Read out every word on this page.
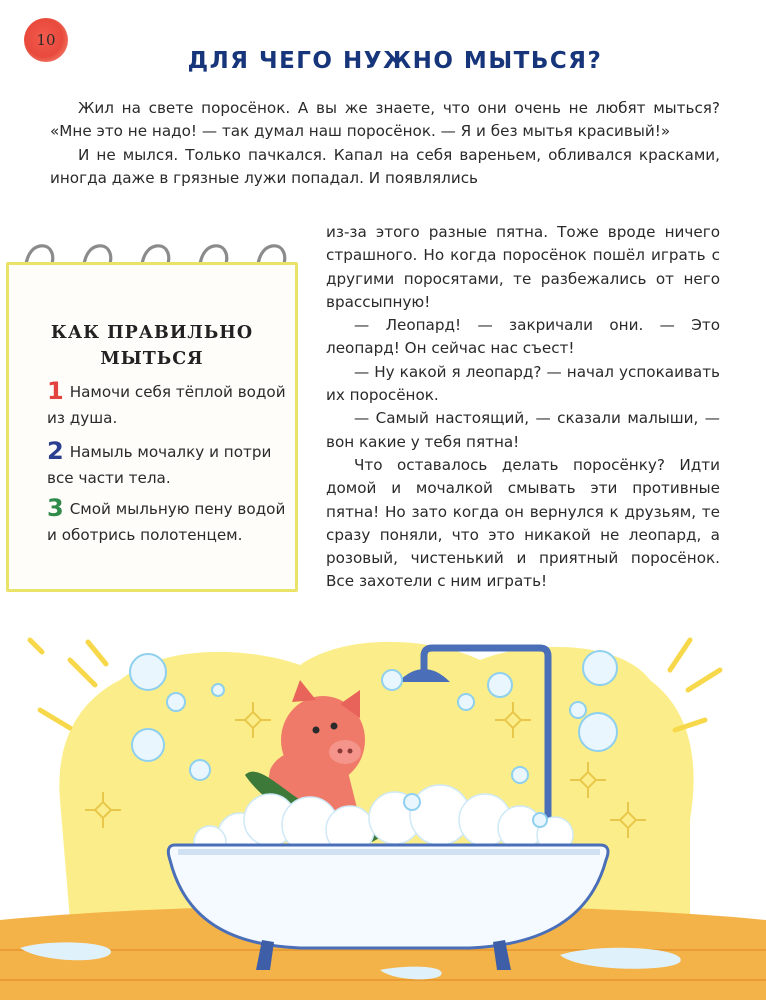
10
ДЛЯ ЧЕГО НУЖНО МЫТЬСЯ?

Жил на свете поросёнок. А вы же знаете, что они очень не любят мыться? «Мне это не надо! — так думал наш поросёнок. — Я и без мытья красивый!»

И не мылся. Только пачкался. Капал на себя вареньем, обливался красками, иногда даже в грязные лужи попадал. И появлялись

из-за этого разные пятна. Тоже вроде ничего страшного. Но когда поросёнок пошёл играть с другими поросятами, те разбежались от него врассыпную!

— Леопард! — закричали они. — Это леопард! Он сейчас нас съест!

— Ну какой я леопард? — начал успокаивать их поросёнок.

— Самый настоящий, — сказали малыши, — вон какие у тебя пятна!

Что оставалось делать поросёнку? Идти домой и мочалкой смывать эти противные пятна! Но зато когда он вернулся к друзьям, те сразу поняли, что это никакой не леопард, а розовый, чистенький и приятный поросёнок. Все захотели с ним играть!

КАК ПРАВИЛЬНО
МЫТЬСЯ
1 Намочи себя тёплой водой из душа.
2 Намыль мочалку и потри все части тела.
3 Смой мыльную пену водой и оботрись полотенцем.
